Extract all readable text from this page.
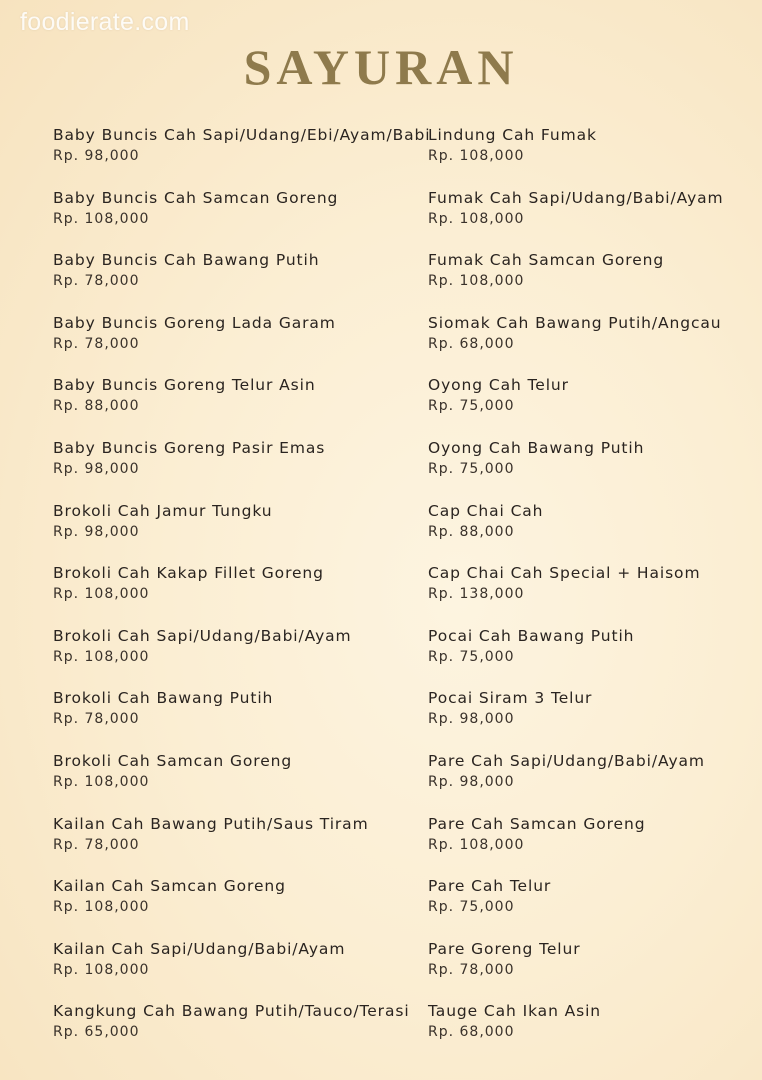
foodierate.com
SAYURAN
Baby Buncis Cah Sapi/Udang/Ebi/Ayam/Babi
Rp. 98,000
Baby Buncis Cah Samcan Goreng
Rp. 108,000
Baby Buncis Cah Bawang Putih
Rp. 78,000
Baby Buncis Goreng Lada Garam
Rp. 78,000
Baby Buncis Goreng Telur Asin
Rp. 88,000
Baby Buncis Goreng Pasir Emas
Rp. 98,000
Brokoli Cah Jamur Tungku
Rp. 98,000
Brokoli Cah Kakap Fillet Goreng
Rp. 108,000
Brokoli Cah Sapi/Udang/Babi/Ayam
Rp. 108,000
Brokoli Cah Bawang Putih
Rp. 78,000
Brokoli Cah Samcan Goreng
Rp. 108,000
Kailan Cah Bawang Putih/Saus Tiram
Rp. 78,000
Kailan Cah Samcan Goreng
Rp. 108,000
Kailan Cah Sapi/Udang/Babi/Ayam
Rp. 108,000
Kangkung Cah Bawang Putih/Tauco/Terasi
Rp. 65,000
Lindung Cah Fumak
Rp. 108,000
Fumak Cah Sapi/Udang/Babi/Ayam
Rp. 108,000
Fumak Cah Samcan Goreng
Rp. 108,000
Siomak Cah Bawang Putih/Angcau
Rp. 68,000
Oyong Cah Telur
Rp. 75,000
Oyong Cah Bawang Putih
Rp. 75,000
Cap Chai Cah
Rp. 88,000
Cap Chai Cah Special + Haisom
Rp. 138,000
Pocai Cah Bawang Putih
Rp. 75,000
Pocai Siram 3 Telur
Rp. 98,000
Pare Cah Sapi/Udang/Babi/Ayam
Rp. 98,000
Pare Cah Samcan Goreng
Rp. 108,000
Pare Cah Telur
Rp. 75,000
Pare Goreng Telur
Rp. 78,000
Tauge Cah Ikan Asin
Rp. 68,000
